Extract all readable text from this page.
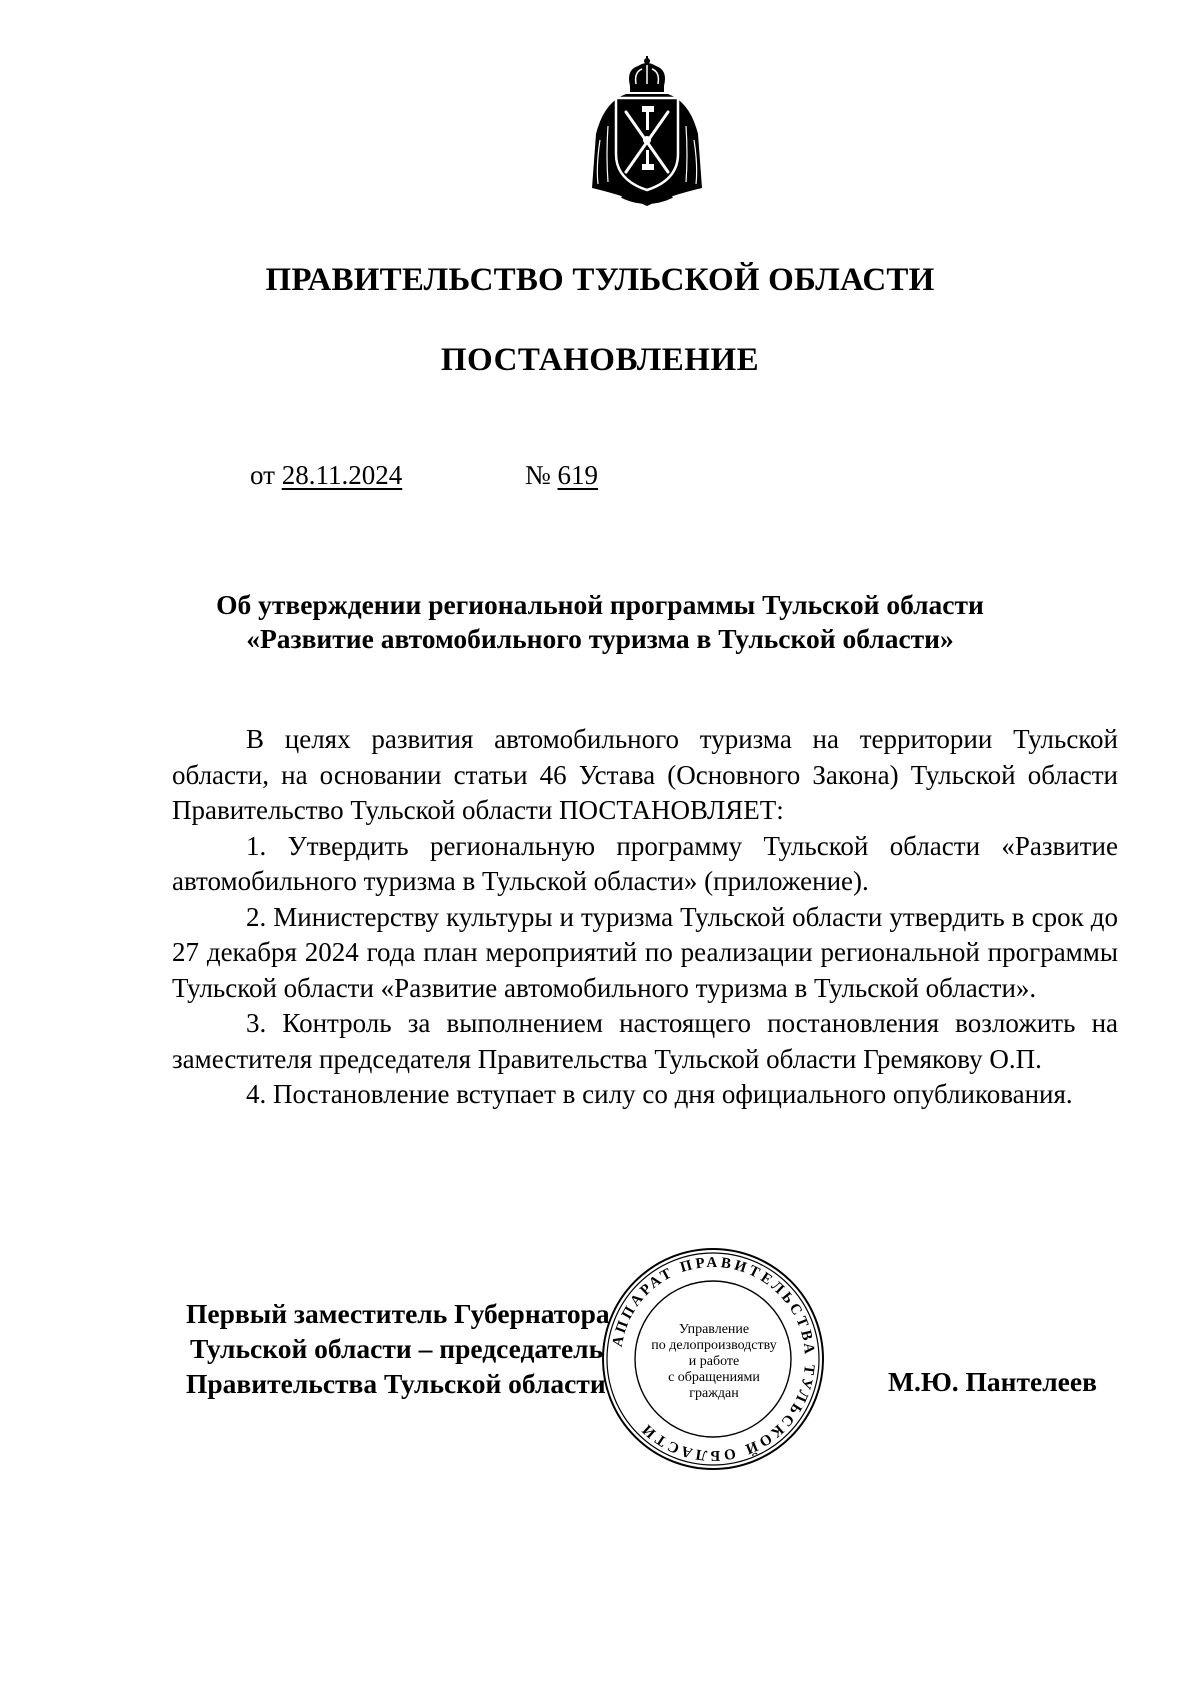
ПРАВИТЕЛЬСТВО ТУЛЬСКОЙ ОБЛАСТИ
ПОСТАНОВЛЕНИЕ
от 28.11.2024	№ 619
Об утверждении региональной программы Тульской области
«Развитие автомобильного туризма в Тульской области»

В целях развития автомобильного туризма на территории Тульской области, на основании статьи 46 Устава (Основного Закона) Тульской области Правительство Тульской области ПОСТАНОВЛЯЕТ:

1. Утвердить региональную программу Тульской области «Развитие автомобильного туризма в Тульской области» (приложение).

2. Министерству культуры и туризма Тульской области утвердить в срок до 27 декабря 2024 года план мероприятий по реализации региональной программы Тульской области «Развитие автомобильного туризма в Тульской области».

3. Контроль за выполнением настоящего постановления возложить на заместителя председателя Правительства Тульской области Гремякову О.П.

4. Постановление вступает в силу со дня официального опубликования.

АППАРАТ ПРАВИТЕЛЬСТВА ТУЛЬСКОЙ ОБЛАСТИ
Управление
по делопроизводству
и работе
с обращениями
граждан
Первый заместитель Губернатора
Тульской области – председатель
Правительства Тульской области	М.Ю. Пантелеев
